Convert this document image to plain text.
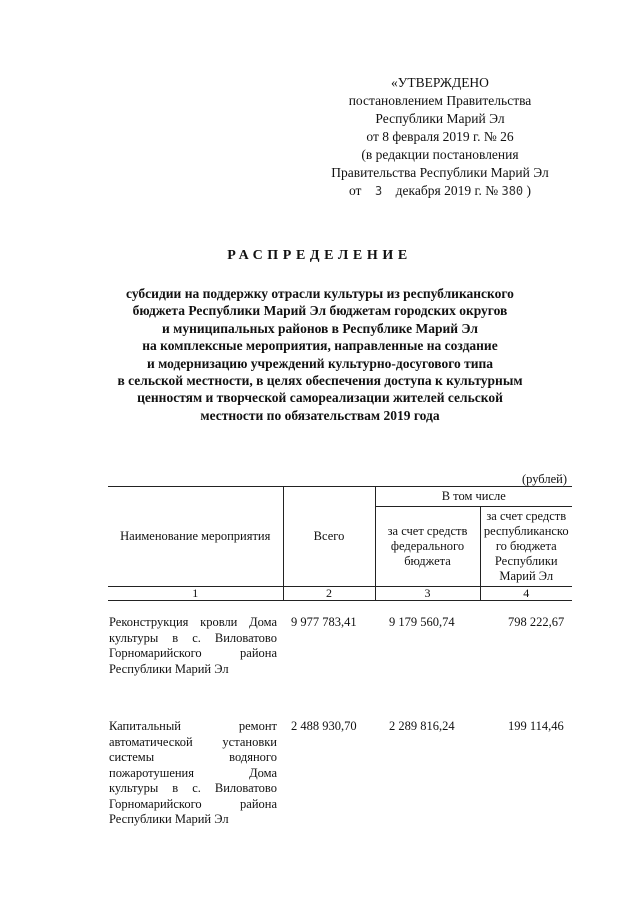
«УТВЕРЖДЕНО
постановлением Правительства
Республики Марий Эл
от 8 февраля 2019 г. № 26
(в редакции постановления
Правительства Республики Марий Эл
от 3 декабря 2019 г. № 380 )
РАСПРЕДЕЛЕНИЕ
субсидии на поддержку отрасли культуры из республиканского
бюджета Республики Марий Эл бюджетам городских округов
и муниципальных районов в Республике Марий Эл
на комплексные мероприятия, направленные на создание
и модернизацию учреждений культурно-досугового типа
в сельской местности, в целях обеспечения доступа к культурным
ценностям и творческой самореализации жителей сельской
местности по обязательствам 2019 года
(рублей)
Наименование мероприятия	Всего	В том числе	
		за счет средств федерального бюджета	за счет средств республиканско го бюджета Республики Марий Эл
1	2	3	4
Реконструкция кровли Дома культуры в с. Виловатово Горномарийского района Республики Марий Эл	9 977 783,41	9 179 560,74	798 222,67
Капитальный ремонт автоматической установки системы водяного пожаротушения Дома культуры в с. Виловатово Горномарийского района Республики Марий Эл	2 488 930,70	2 289 816,24	199 114,46
